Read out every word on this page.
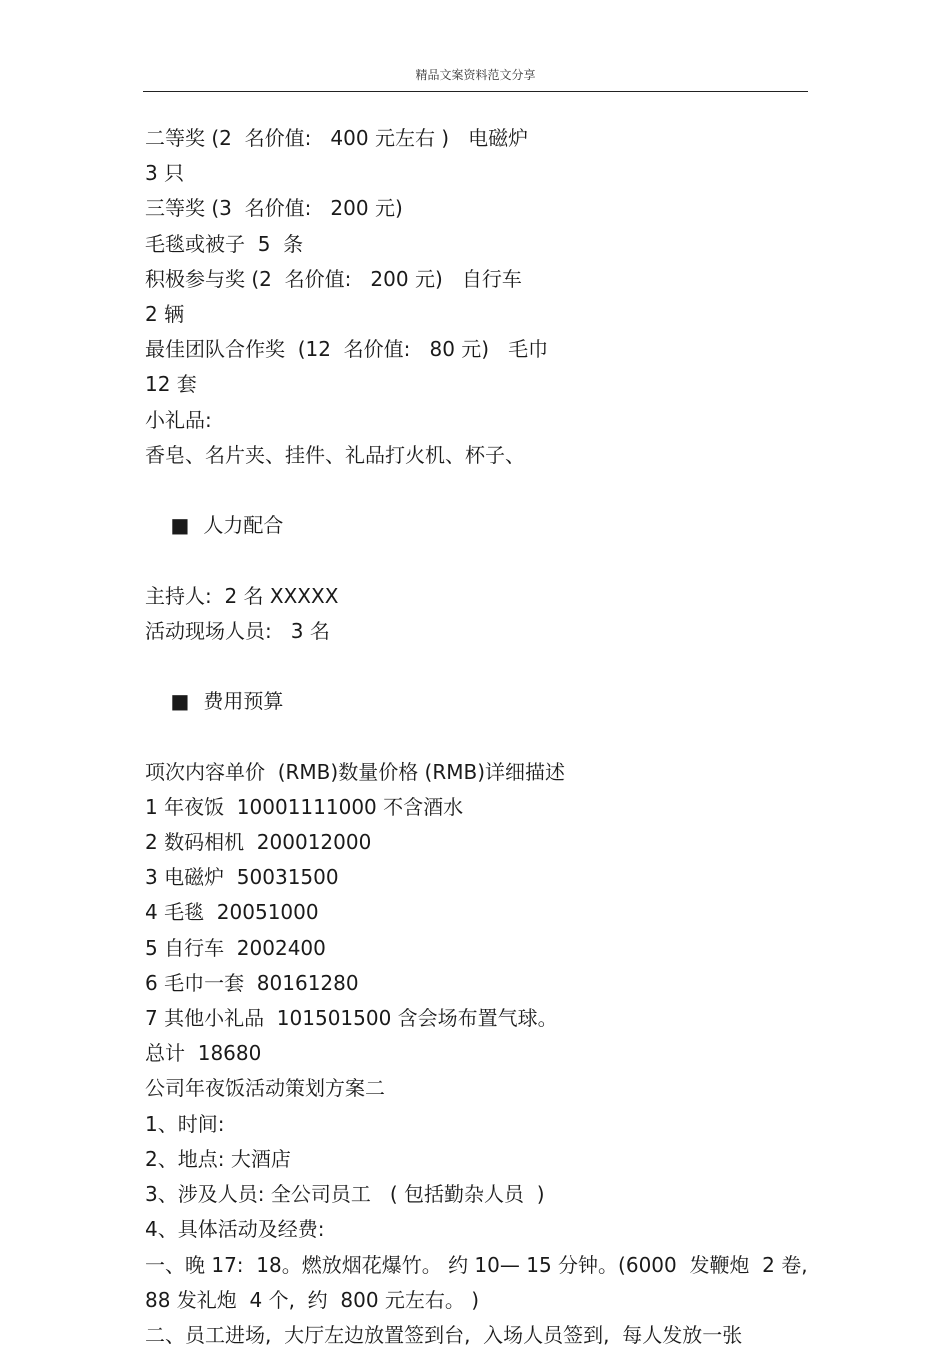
精品文案资料范文分享

二等奖 (2  名价值:   400 元左右 )   电磁炉

3 只

三等奖 (3  名价值:   200 元)

毛毯或被子  5  条

积极参与奖 (2  名价值:   200 元)   自行车

2 辆

最佳团队合作奖  (12  名价值:   80 元)   毛巾

12 套

小礼品:

香皂、名片夹、挂件、礼品打火机、杯子、

■ 人力配合

主持人:  2 名 XXXXX

活动现场人员:   3 名

■ 费用预算

项次内容单价  (RMB)数量价格 (RMB)详细描述

1 年夜饭  10001111000 不含酒水

2 数码相机  200012000

3 电磁炉  50031500

4 毛毯  20051000

5 自行车  2002400

6 毛巾一套  80161280

7 其他小礼品  101501500 含会场布置气球。

总计  18680

公司年夜饭活动策划方案二

1、时间:

2、地点: 大酒店

3、涉及人员: 全公司员工   ( 包括勤杂人员  )

4、具体活动及经费:

一、晚 17:  18。燃放烟花爆竹。 约 10— 15 分钟。(6000  发鞭炮  2 卷,

88 发礼炮  4 个,  约  800 元左右。 )

二、员工进场,  大厅左边放置签到台,  入场人员签到,  每人发放一张
